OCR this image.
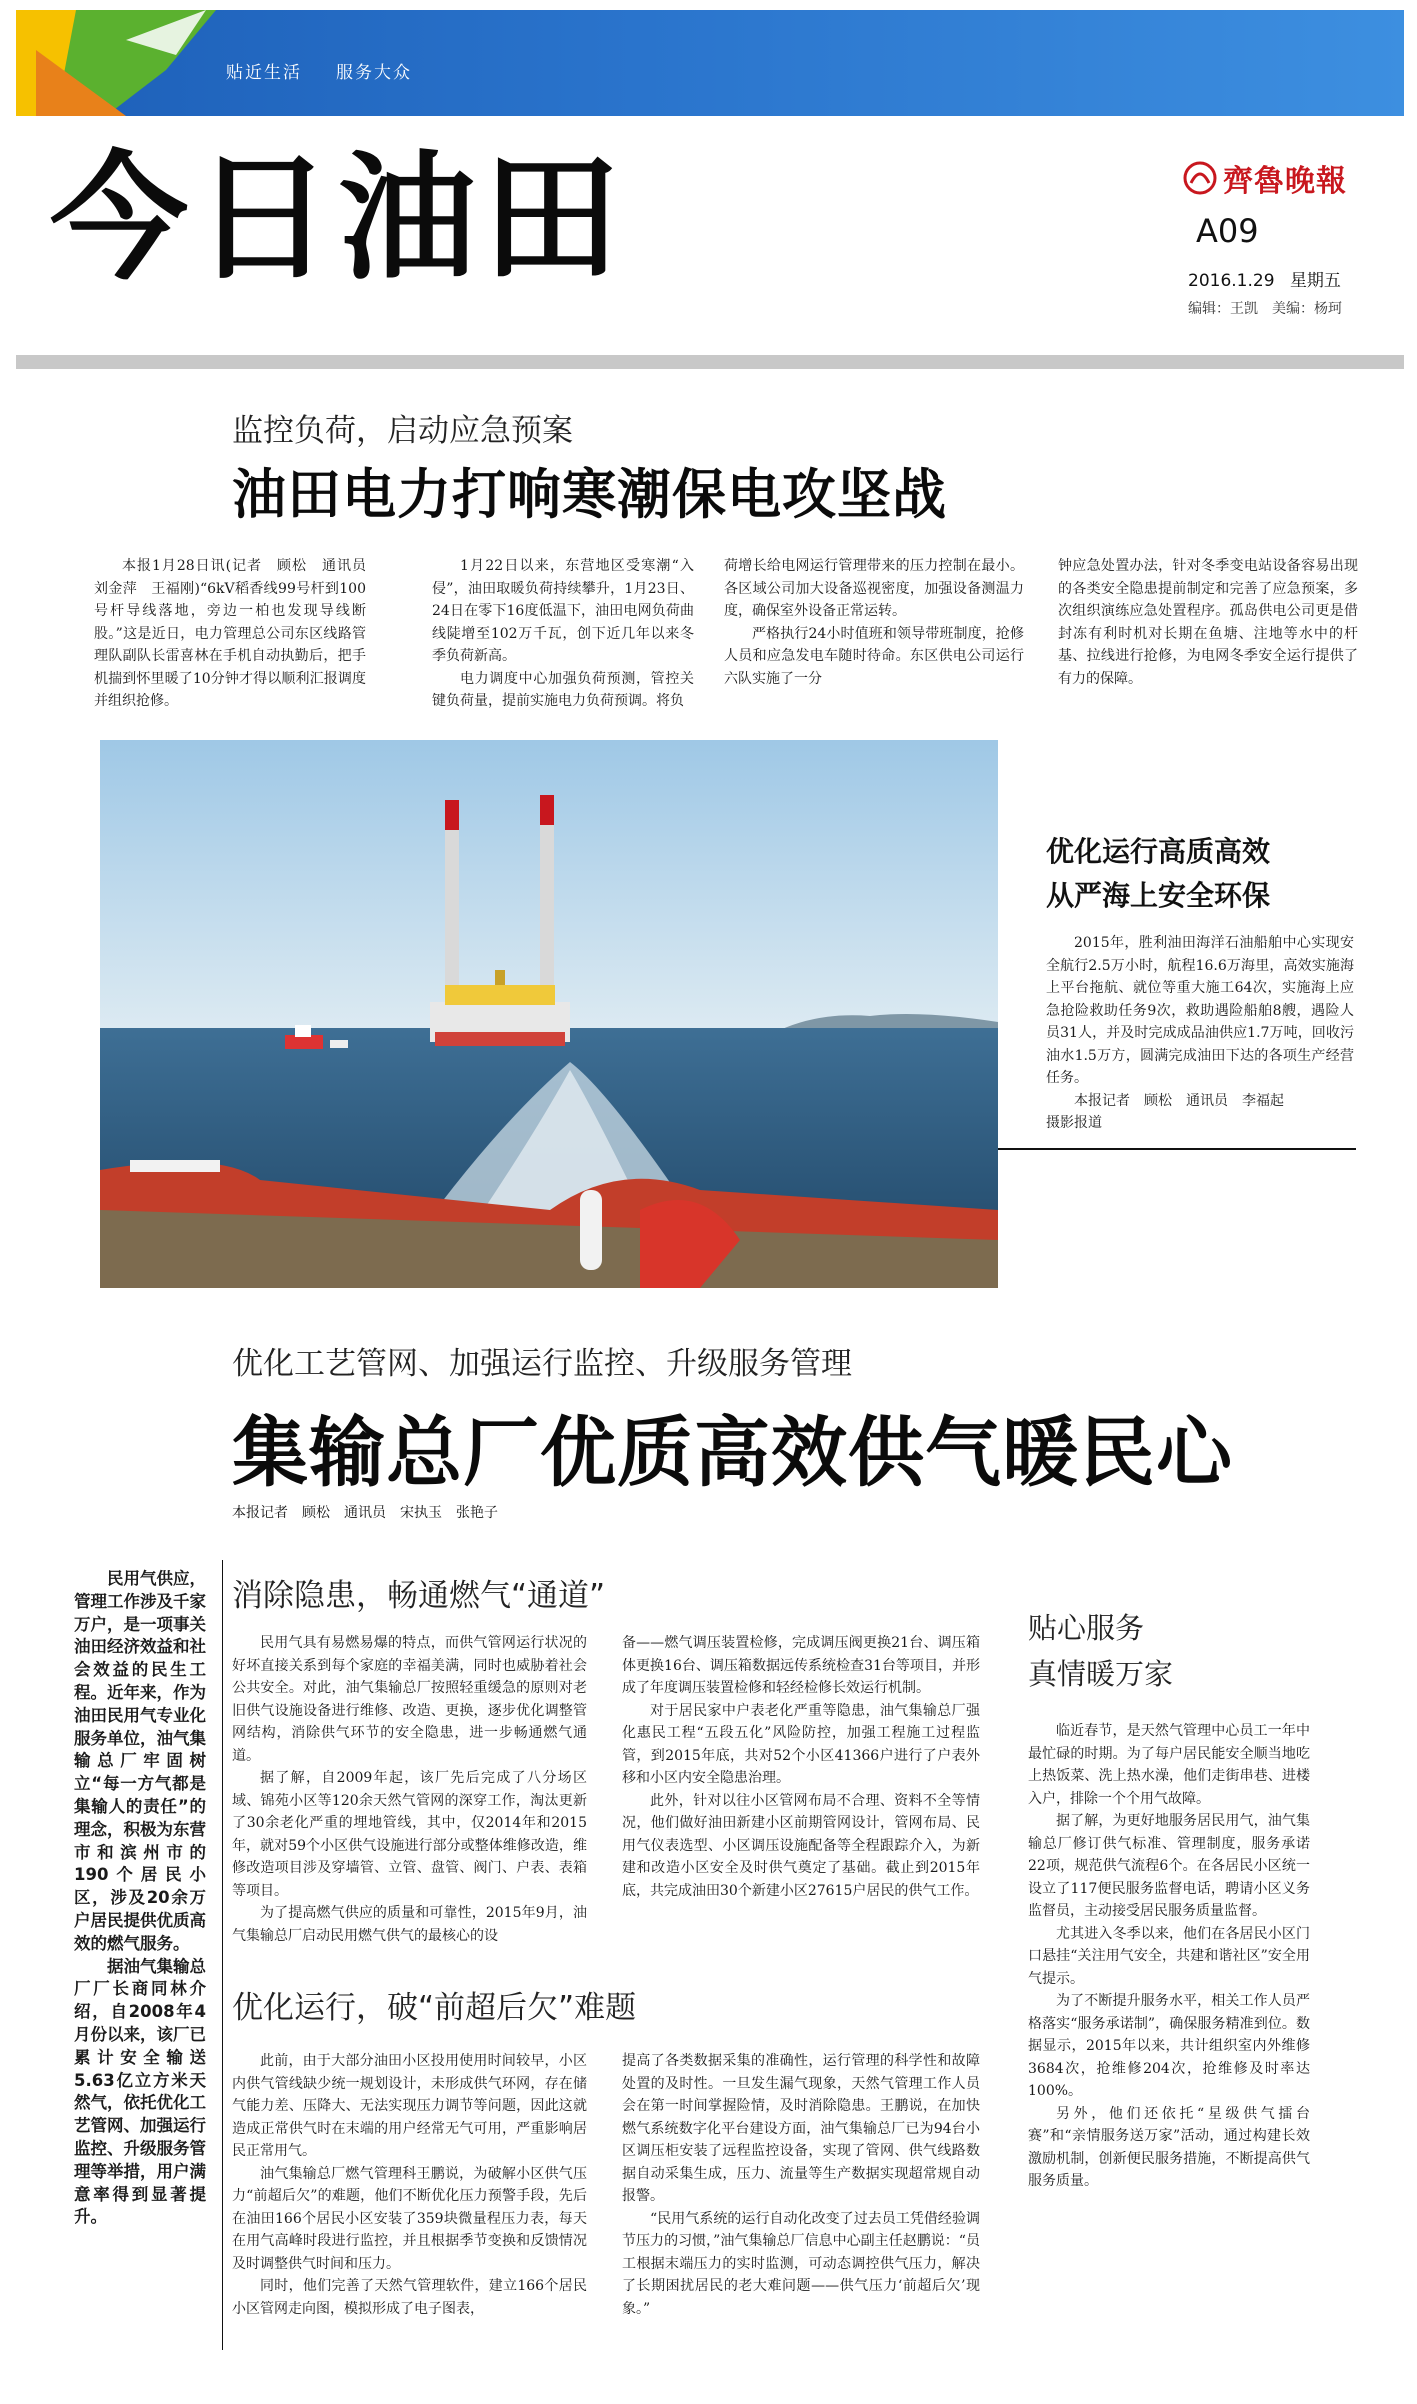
贴近生活 服务大众
今日油田	齊魯晚報
A09
2016.1.29 星期五
编辑：王凯　美编：杨珂
监控负荷，启动应急预案
油田电力打响寒潮保电攻坚战

本报1月28日讯(记者　顾松　通讯员　刘金萍　王福刚)“6kV稻香线99号杆到100号杆导线落地，旁边一柏也发现导线断股。”这是近日，电力管理总公司东区线路管理队副队长雷喜林在手机自动执勤后，把手机揣到怀里暖了10分钟才得以顺利汇报调度并组织抢修。

1月22日以来，东营地区受寒潮“入侵”，油田取暖负荷持续攀升，1月23日、24日在零下16度低温下，油田电网负荷曲线陡增至102万千瓦，创下近几年以来冬季负荷新高。

电力调度中心加强负荷预测，管控关键负荷量，提前实施电力负荷预调。将负

荷增长给电网运行管理带来的压力控制在最小。各区域公司加大设备巡视密度，加强设备测温力度，确保室外设备正常运转。

严格执行24小时值班和领导带班制度，抢修人员和应急发电车随时待命。东区供电公司运行六队实施了一分

钟应急处置办法，针对冬季变电站设备容易出现的各类安全隐患提前制定和完善了应急预案，多次组织演练应急处置程序。孤岛供电公司更是借封冻有利时机对长期在鱼塘、注地等水中的杆基、拉线进行抢修，为电网冬季安全运行提供了有力的保障。

优化运行高质高效
从严海上安全环保

2015年，胜利油田海洋石油船舶中心实现安全航行2.5万小时，航程16.6万海里，高效实施海上平台拖航、就位等重大施工64次，实施海上应急抢险救助任务9次，救助遇险船舶8艘，遇险人员31人，并及时完成成品油供应1.7万吨，回收污油水1.5万方，圆满完成油田下达的各项生产经营任务。

本报记者　顾松　通讯员　李福起

摄影报道

优化工艺管网、加强运行监控、升级服务管理
集输总厂优质高效供气暖民心
本报记者　顾松　通讯员　宋执玉　张艳子

民用气供应，管理工作涉及千家万户，是一项事关油田经济效益和社会效益的民生工程。近年来，作为油田民用气专业化服务单位，油气集输总厂牢固树立“每一方气都是集输人的责任”的理念，积极为东营市和滨州市的190个居民小区，涉及20余万户居民提供优质高效的燃气服务。

据油气集输总厂厂长商同林介绍，自2008年4月份以来，该厂已累计安全输送5.63亿立方米天然气，依托优化工艺管网、加强运行监控、升级服务管理等举措，用户满意率得到显著提升。

消除隐患，畅通燃气“通道”

民用气具有易燃易爆的特点，而供气管网运行状况的好坏直接关系到每个家庭的幸福美满，同时也威胁着社会公共安全。对此，油气集输总厂按照轻重缓急的原则对老旧供气设施设备进行维修、改造、更换，逐步优化调整管网结构，消除供气环节的安全隐患，进一步畅通燃气通道。

据了解，自2009年起，该厂先后完成了八分场区域、锦苑小区等120余天然气管网的深穿工作，淘汰更新了30余老化严重的埋地管线，其中，仅2014年和2015年，就对59个小区供气设施进行部分或整体维修改造，维修改造项目涉及穿墙管、立管、盘管、阀门、户表、表箱等项目。

为了提高燃气供应的质量和可靠性，2015年9月，油气集输总厂启动民用燃气供气的最核心的设

备——燃气调压装置检修，完成调压阀更换21台、调压箱体更换16台、调压箱数据远传系统检查31台等项目，并形成了年度调压装置检修和轻经检修长效运行机制。

对于居民家中户表老化严重等隐患，油气集输总厂强化惠民工程“五段五化”风险防控，加强工程施工过程监管，到2015年底，共对52个小区41366户进行了户表外移和小区内安全隐患治理。

此外，针对以往小区管网布局不合理、资料不全等情况，他们做好油田新建小区前期管网设计，管网布局、民用气仪表选型、小区调压设施配备等全程跟踪介入，为新建和改造小区安全及时供气奠定了基础。截止到2015年底，共完成油田30个新建小区27615户居民的供气工作。

优化运行，破“前超后欠”难题

此前，由于大部分油田小区投用使用时间较早，小区内供气管线缺少统一规划设计，未形成供气环网，存在储气能力差、压降大、无法实现压力调节等问题，因此这就造成正常供气时在末端的用户经常无气可用，严重影响居民正常用气。

油气集输总厂燃气管理科王鹏说，为破解小区供气压力“前超后欠”的难题，他们不断优化压力预警手段，先后在油田166个居民小区安装了359块微量程压力表，每天在用气高峰时段进行监控，并且根据季节变换和反馈情况及时调整供气时间和压力。

同时，他们完善了天然气管理软件，建立166个居民小区管网走向图，模拟形成了电子图表，

提高了各类数据采集的准确性，运行管理的科学性和故障处置的及时性。一旦发生漏气现象，天然气管理工作人员会在第一时间掌握险情，及时消除隐患。王鹏说，在加快燃气系统数字化平台建设方面，油气集输总厂已为94台小区调压柜安装了远程监控设备，实现了管网、供气线路数据自动采集生成，压力、流量等生产数据实现超常规自动报警。

“民用气系统的运行自动化改变了过去员工凭借经验调节压力的习惯，”油气集输总厂信息中心副主任赵鹏说：“员工根据末端压力的实时监测，可动态调控供气压力，解决了长期困扰居民的老大难问题——供气压力‘前超后欠’现象。”

贴心服务
真情暖万家

临近春节，是天然气管理中心员工一年中最忙碌的时期。为了每户居民能安全顺当地吃上热饭菜、洗上热水澡，他们走街串巷、进楼入户，排除一个个用气故障。

据了解，为更好地服务居民用气，油气集输总厂修订供气标准、管理制度，服务承诺22项，规范供气流程6个。在各居民小区统一设立了117便民服务监督电话，聘请小区义务监督员，主动接受居民服务质量监督。

尤其进入冬季以来，他们在各居民小区门口悬挂“关注用气安全，共建和谐社区”安全用气提示。

为了不断提升服务水平，相关工作人员严格落实“服务承诺制”，确保服务精准到位。数据显示，2015年以来，共计组织室内外维修3684次，抢维修204次，抢维修及时率达100%。

另外，他们还依托“星级供气擂台赛”和“亲情服务送万家”活动，通过构建长效激励机制，创新便民服务措施，不断提高供气服务质量。
